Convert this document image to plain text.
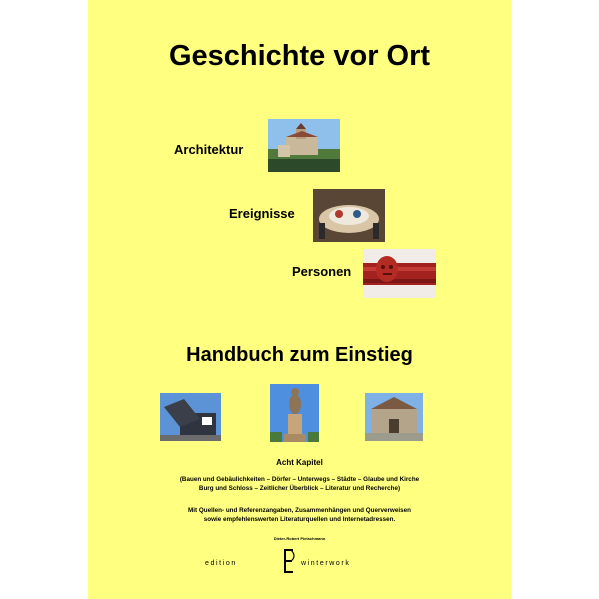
Geschichte vor Ort
Architektur
Ereignisse
Personen
Handbuch zum Einstieg
Acht Kapitel
(Bauen und Gebäulichkeiten – Dörfer – Unterwegs – Städte – Glaube und Kirche
Burg und Schloss – Zeitlicher Überblick – Literatur und Recherche)
Mit Quellen- und Referenzangaben, Zusammenhängen und Querverweisen
sowie empfehlenswerten Literaturquellen und Internetadressen.
Dieter-Robert Pietschmann
edition	winterwork
